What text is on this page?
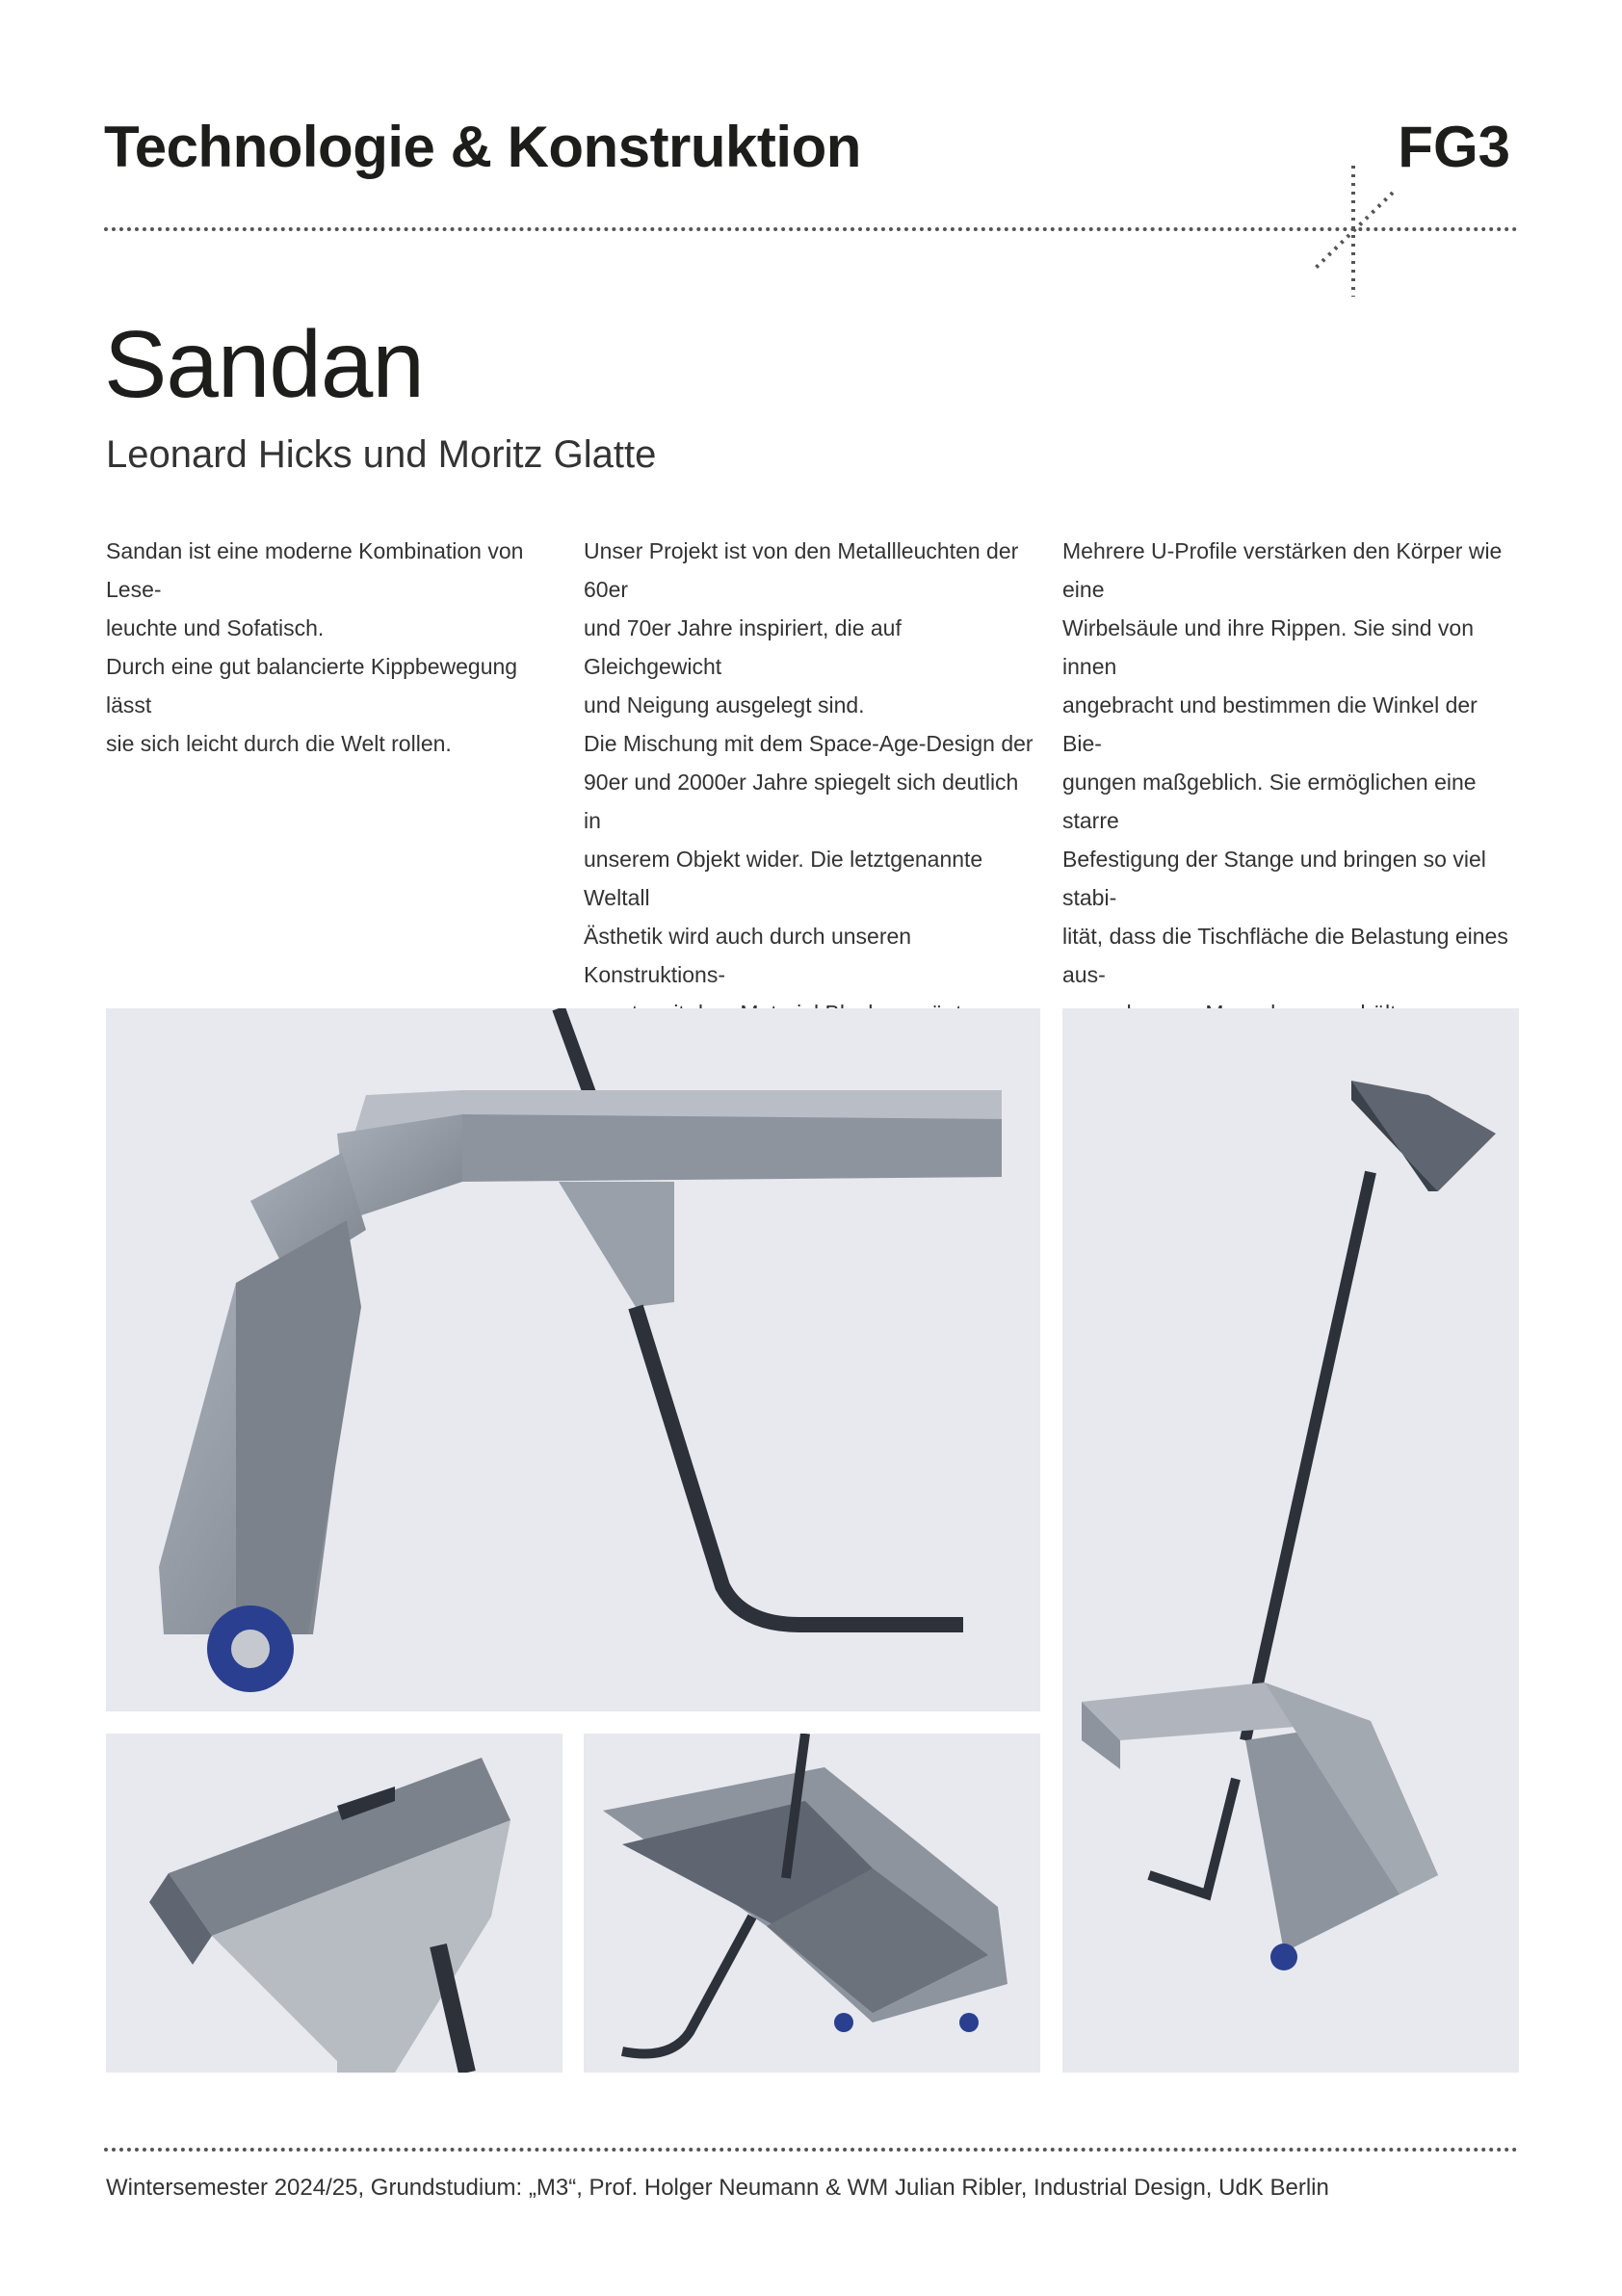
Technologie & Konstruktion	FG3
Sandan
Leonard Hicks und Moritz Glatte

Sandan ist eine moderne Kombination von Lese-
leuchte und Sofatisch.
Durch eine gut balancierte Kippbewegung lässt
sie sich leicht durch die Welt rollen.

Unser Projekt ist von den Metallleuchten der 60er
und 70er Jahre inspiriert, die auf Gleichgewicht
und Neigung ausgelegt sind.
Die Mischung mit dem Space-Age-Design der
90er und 2000er Jahre spiegelt sich deutlich in
unserem Objekt wider. Die letztgenannte Weltall
Ästhetik wird auch durch unseren Konstruktions-

Mehrere U-Profile verstärken den Körper wie eine
Wirbelsäule und ihre Rippen. Sie sind von innen
angebracht und bestimmen die Winkel der Bie-
gungen maßgeblich. Sie ermöglichen eine starre
Befestigung der Stange und bringen so viel stabi-
lität, dass die Tischfläche die Belastung eines aus-

Wintersemester 2024/25, Grundstudium: „M3“, Prof. Holger Neumann & WM Julian Ribler, Industrial Design, UdK Berlin
